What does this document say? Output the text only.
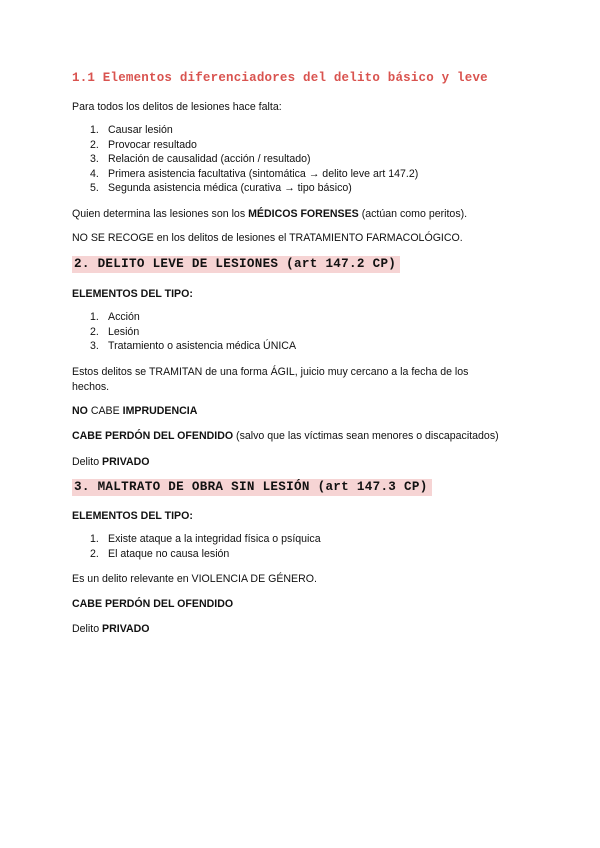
1.1 Elementos diferenciadores del delito básico y leve

Para todos los delitos de lesiones hace falta:

1. Causar lesión
2. Provocar resultado
3. Relación de causalidad (acción / resultado)
4. Primera asistencia facultativa (sintomática → delito leve art 147.2)
5. Segunda asistencia médica (curativa → tipo básico)

Quien determina las lesiones son los MÉDICOS FORENSES (actúan como peritos).

NO SE RECOGE en los delitos de lesiones el TRATAMIENTO FARMACOLÓGICO.

2. DELITO LEVE DE LESIONES (art 147.2 CP)

ELEMENTOS DEL TIPO:

1. Acción
2. Lesión
3. Tratamiento o asistencia médica ÚNICA

Estos delitos se TRAMITAN de una forma ÁGIL, juicio muy cercano a la fecha de los

hechos.

NO CABE IMPRUDENCIA

CABE PERDÓN DEL OFENDIDO (salvo que las víctimas sean menores o discapacitados)

Delito PRIVADO

3. MALTRATO DE OBRA SIN LESIÓN (art 147.3 CP)

ELEMENTOS DEL TIPO:

1. Existe ataque a la integridad física o psíquica
2. El ataque no causa lesión

Es un delito relevante en VIOLENCIA DE GÉNERO.

CABE PERDÓN DEL OFENDIDO

Delito PRIVADO
